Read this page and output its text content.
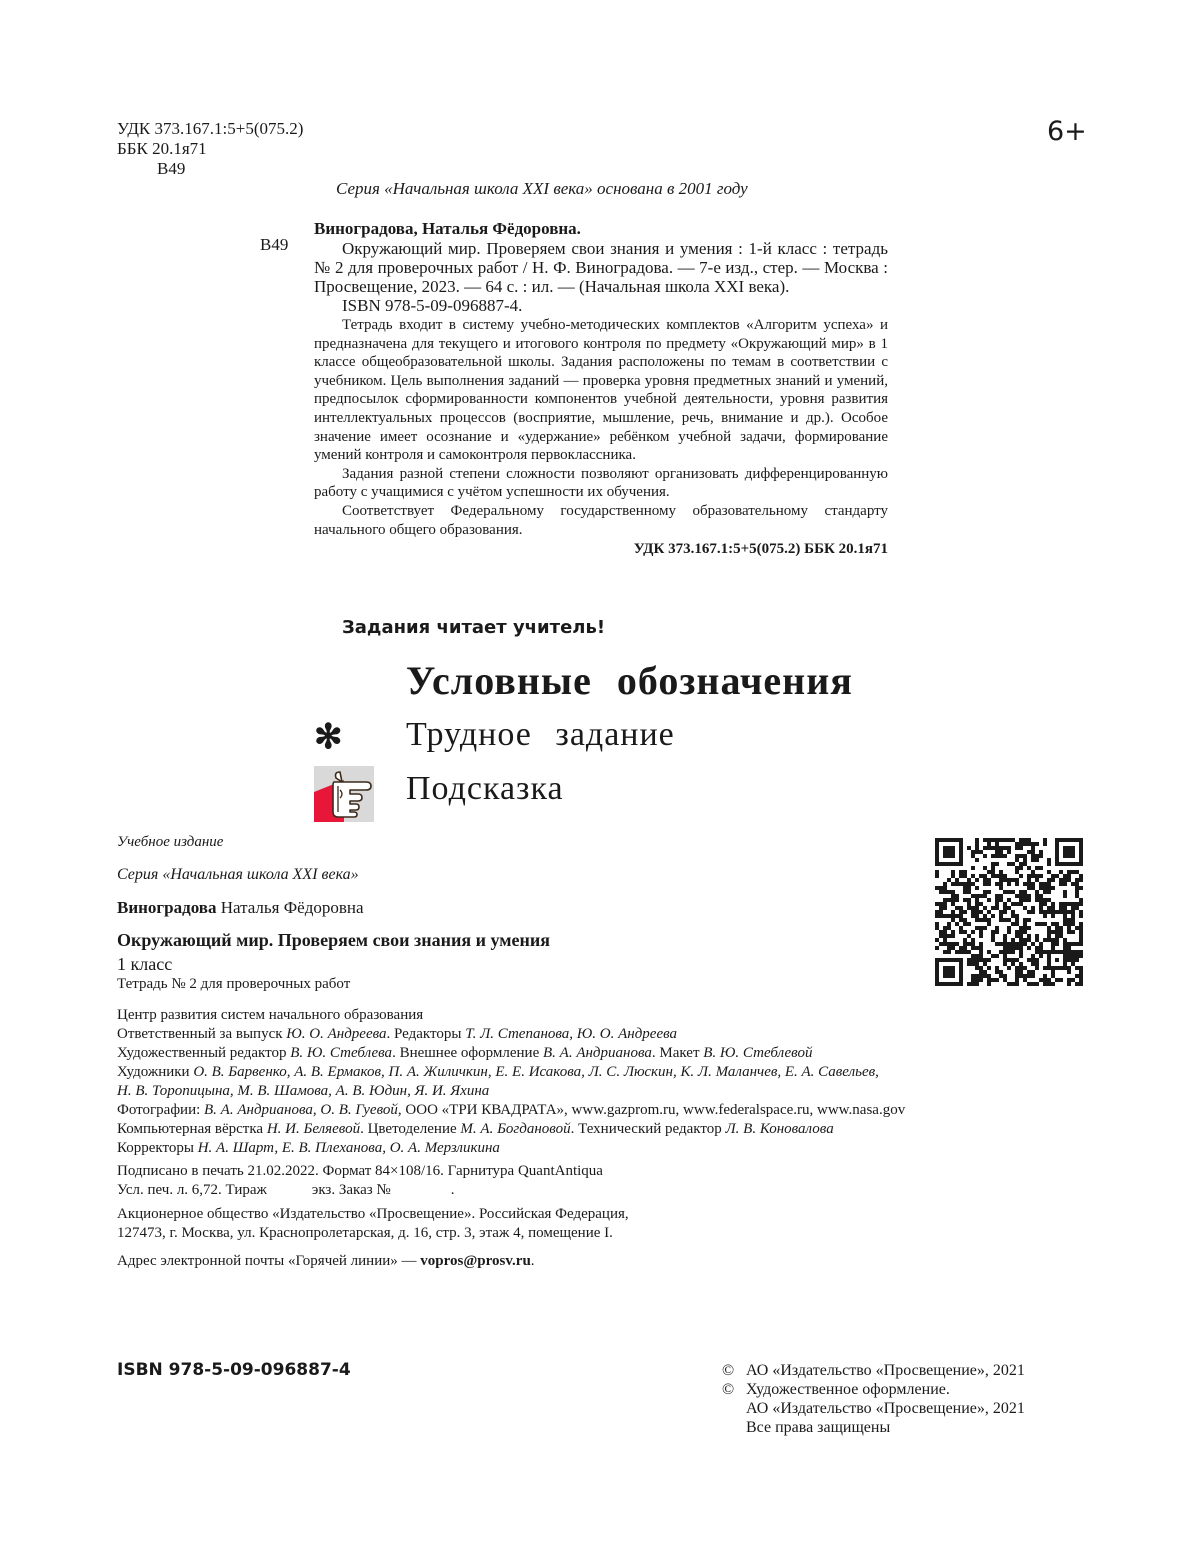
УДК 373.167.1:5+5(075.2)
ББК 20.1я71
В49
6+
Серия «Начальная школа XXI века» основана в 2001 году
В49
Виноградова, Наталья Фёдоровна.

Окружающий мир. Проверяем свои знания и умения : 1-й класс : тетрадь № 2 для проверочных работ / Н. Ф. Виноградова. — 7-е изд., стер. — Москва : Просвещение, 2023. — 64 с. : ил. — (Начальная школа XXI века).

ISBN 978-5-09-096887-4.

Тетрадь входит в систему учебно-методических комплектов «Алгоритм успеха» и предназначена для текущего и итогового контроля по предмету «Окружающий мир» в 1 классе общеобразовательной школы. Задания расположены по темам в соответствии с учебником. Цель выполнения заданий — проверка уровня предметных знаний и умений, предпосылок сформированности компонентов учебной деятельности, уровня развития интеллектуальных процессов (восприятие, мышление, речь, внимание и др.). Особое значение имеет осознание и «удержание» ребёнком учебной задачи, формирование умений контроля и самоконтроля первоклассника.

Задания разной степени сложности позволяют организовать дифференцированную работу с учащимися с учётом успешности их обучения.

Соответствует Федеральному государственному образовательному стандарту начального общего образования.

УДК 373.167.1:5+5(075.2) ББК 20.1я71
Задания читает учитель!
Условные обозначения
✻ Трудное задание
Подсказка
Учебное издание
Серия «Начальная школа XXI века»
Виноградова Наталья Фёдоровна
Окружающий мир. Проверяем свои знания и умения
1 класс
Тетрадь № 2 для проверочных работ
Центр развития систем начального образования
Ответственный за выпуск Ю. О. Андреева. Редакторы Т. Л. Степанова, Ю. О. Андреева
Художественный редактор В. Ю. Стеблева. Внешнее оформление В. А. Андрианова. Макет В. Ю. Стеблевой
Художники О. В. Барвенко, А. В. Ермаков, П. А. Жиличкин, Е. Е. Исакова, Л. С. Люскин, К. Л. Маланчев, Е. А. Савельев,
Н. В. Торопицына, М. В. Шамова, А. В. Юдин, Я. И. Яхина
Фотографии: В. А. Андрианова, О. В. Гуевой, ООО «ТРИ КВАДРАТА», www.gazprom.ru, www.federalspace.ru, www.nasa.gov
Компьютерная вёрстка Н. И. Беляевой. Цветоделение М. А. Богдановой. Технический редактор Л. В. Коновалова
Корректоры Н. А. Шарт, Е. В. Плеханова, О. А. Мерзликина
Подписано в печать 21.02.2022. Формат 84×108/16. Гарнитура QuantAntiqua
Усл. печ. л. 6,72. Тираж            экз. Заказ №                .
Акционерное общество «Издательство «Просвещение». Российская Федерация,
127473, г. Москва, ул. Краснопролетарская, д. 16, стр. 3, этаж 4, помещение I.
Адрес электронной почты «Горячей линии» — vopros@prosv.ru.
ISBN 978-5-09-096887-4	© АО «Издательство «Просвещение», 2021
© Художественное оформление.
АО «Издательство «Просвещение», 2021
Все права защищены
